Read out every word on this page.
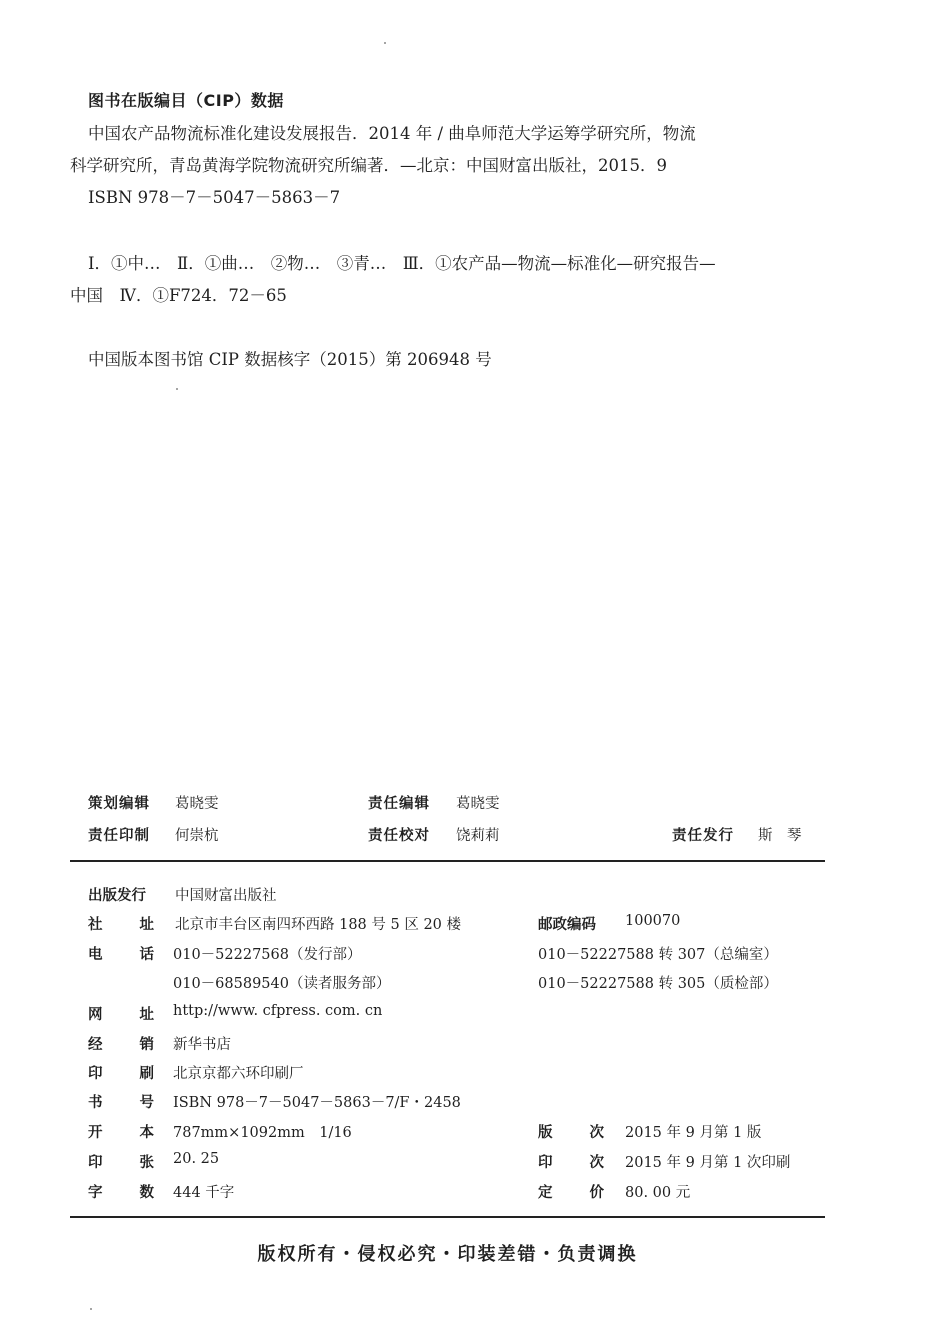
图书在版编目（CIP）数据
中国农产品物流标准化建设发展报告．2014 年 / 曲阜师范大学运筹学研究所，物流
科学研究所，青岛黄海学院物流研究所编著．—北京：中国财富出版社，2015．9
ISBN 978－7－5047－5863－7
Ⅰ．①中…　Ⅱ．①曲…　②物…　③青…　Ⅲ．①农产品—物流—标准化—研究报告—
中国　Ⅳ．①F724．72－65
中国版本图书馆 CIP 数据核字（2015）第 206948 号
策划编辑 葛晓雯	责任编辑 葛晓雯
责任印制 何崇杭	责任校对 饶莉莉	责任发行 斯　琴
出版发行 中国财富出版社
社	址 北京市丰台区南四环西路 188 号 5 区 20 楼	邮政编码 100070
电	话 010－52227568（发行部）	010－52227588 转 307（总编室）
010－68589540（读者服务部）	010－52227588 转 305（质检部）
网	址 http://www. cfpress. com. cn
经	销 新华书店
印	刷 北京京都六环印刷厂
书	号 ISBN 978－7－5047－5863－7/F・2458
开	本 787mm×1092mm　1/16	版	次 2015 年 9 月第 1 版
印	张 20. 25	印	次 2015 年 9 月第 1 次印刷
字	数 444 千字	定	价 80. 00 元
版权所有・侵权必究・印装差错・负责调换
